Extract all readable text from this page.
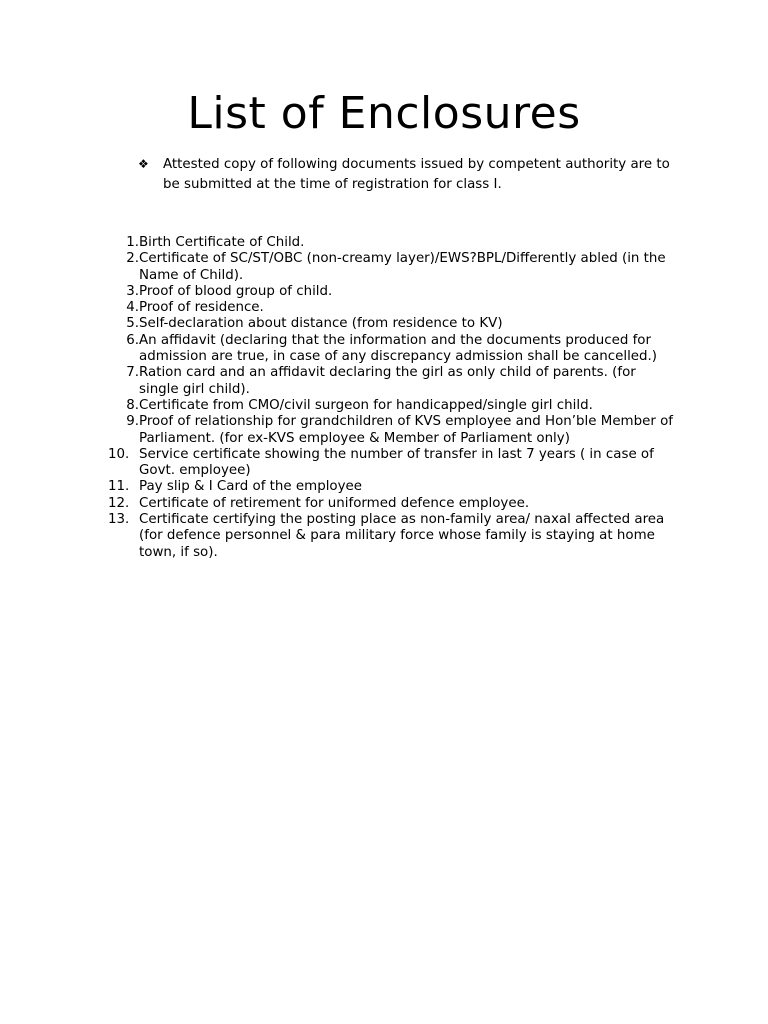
List of Enclosures
❖	Attested copy of following documents issued by competent authority are to be submitted at the time of registration for class I.
1. Birth Certificate of Child.
2. Certificate of SC/ST/OBC (non-creamy layer)/EWS?BPL/Differently abled (in the Name of Child).
3. Proof of blood group of child.
4. Proof of residence.
5. Self-declaration about distance (from residence to KV)
6. An affidavit (declaring that the information and the documents produced for admission are true, in case of any discrepancy admission shall be cancelled.)
7. Ration card and an affidavit declaring the girl as only child of parents. (for single girl child).
8. Certificate from CMO/civil surgeon for handicapped/single girl child.
9. Proof of relationship for grandchildren of KVS employee and Hon’ble Member of Parliament. (for ex-KVS employee & Member of Parliament only)
10. Service certificate showing the number of transfer in last 7 years ( in case of Govt. employee)
11. Pay slip & I Card of the employee
12. Certificate of retirement for uniformed defence employee.
13. Certificate certifying the posting place as non-family area/ naxal affected area (for defence personnel & para military force whose family is staying at home town, if so).
